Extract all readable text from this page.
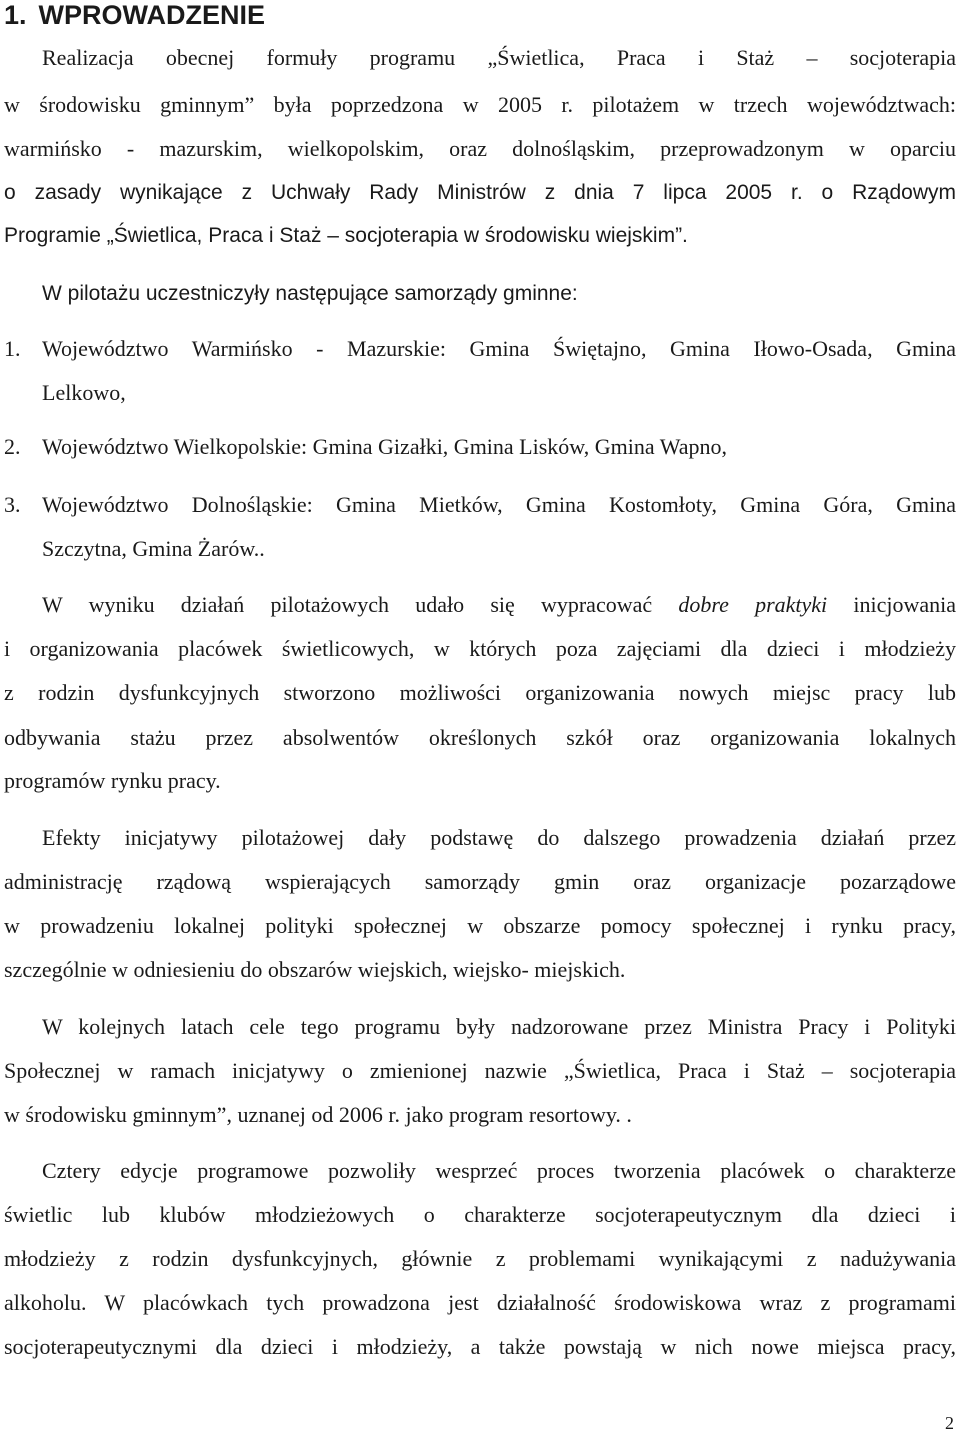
1. WPROWADZENIE
Realizacja obecnej formuły programu „Świetlica, Praca i Staż – socjoterapia
w środowisku gminnym” była poprzedzona w 2005 r. pilotażem w trzech województwach:
warmińsko - mazurskim, wielkopolskim, oraz dolnośląskim, przeprowadzonym w oparciu
o zasady wynikające z Uchwały Rady Ministrów z dnia 7 lipca 2005 r. o Rządowym
Programie „Świetlica, Praca i Staż – socjoterapia w środowisku wiejskim”.
W pilotażu uczestniczyły następujące samorządy gminne:
1. Województwo Warmińsko - Mazurskie: Gmina Świętajno, Gmina Iłowo-Osada, Gmina
Lelkowo,
2. Województwo Wielkopolskie: Gmina Gizałki, Gmina Lisków, Gmina Wapno,
3. Województwo Dolnośląskie: Gmina Mietków, Gmina Kostomłoty, Gmina Góra, Gmina
Szczytna, Gmina Żarów..
W wyniku działań pilotażowych udało się wypracować dobre praktyki inicjowania
i organizowania placówek świetlicowych, w których poza zajęciami dla dzieci i młodzieży
z rodzin dysfunkcyjnych stworzono możliwości organizowania nowych miejsc pracy lub
odbywania stażu przez absolwentów określonych szkół oraz organizowania lokalnych
programów rynku pracy.
Efekty inicjatywy pilotażowej dały podstawę do dalszego prowadzenia działań przez
administrację rządową wspierających samorządy gmin oraz organizacje pozarządowe
w prowadzeniu lokalnej polityki społecznej w obszarze pomocy społecznej i rynku pracy,
szczególnie w odniesieniu do obszarów wiejskich, wiejsko- miejskich.
W kolejnych latach cele tego programu były nadzorowane przez Ministra Pracy i Polityki
Społecznej w ramach inicjatywy o zmienionej nazwie „Świetlica, Praca i Staż – socjoterapia
w środowisku gminnym”, uznanej od 2006 r. jako program resortowy. .
Cztery edycje programowe pozwoliły wesprzeć proces tworzenia placówek o charakterze
świetlic lub klubów młodzieżowych o charakterze socjoterapeutycznym dla dzieci i
młodzieży z rodzin dysfunkcyjnych, głównie z problemami wynikającymi z nadużywania
alkoholu. W placówkach tych prowadzona jest działalność środowiskowa wraz z programami
socjoterapeutycznymi dla dzieci i młodzieży, a także powstają w nich nowe miejsca pracy,
2
